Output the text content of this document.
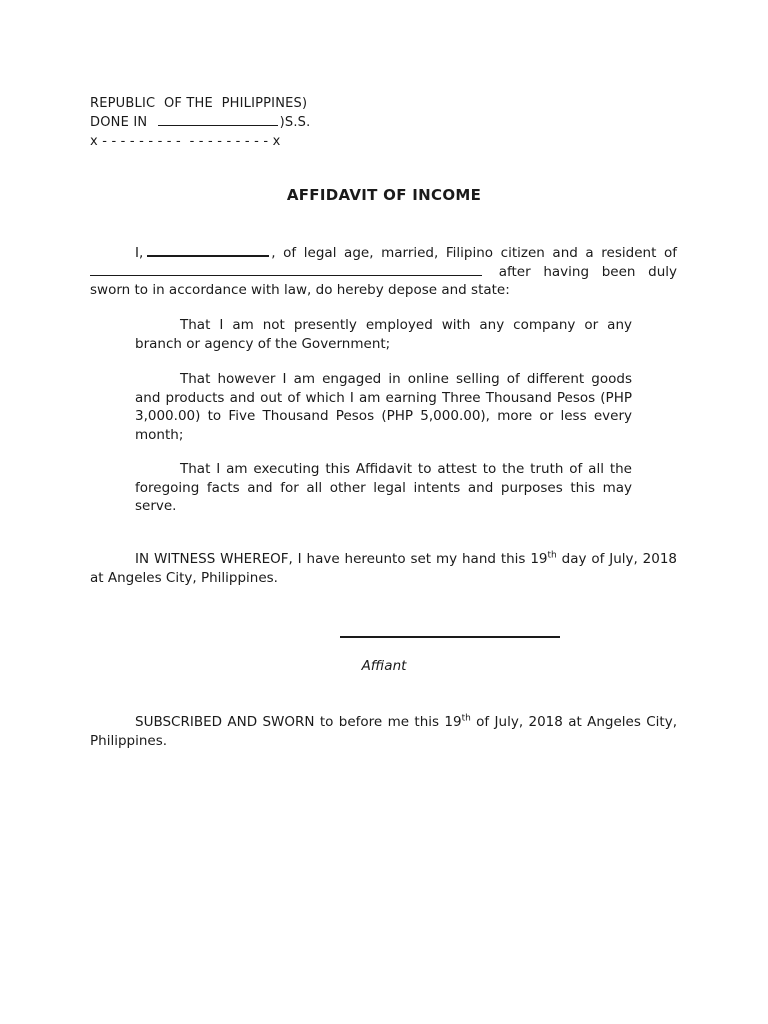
REPUBLIC  OF THE  PHILIPPINES)
DONE IN	)S.S.
x - - - - - - - - -  - - - - - - - - - x
AFFIDAVIT OF INCOME
I,	, of legal age, married, Filipino citizen and a resident of  after having been duly sworn to in accordance with law, do hereby depose and state:
That I am not presently employed with any company or any branch or agency of the Government;
That however I am engaged in online selling of different goods and products and out of which I am earning Three Thousand Pesos (PHP 3,000.00) to Five Thousand Pesos (PHP 5,000.00), more or less every month;
That I am executing this Affidavit to attest to the truth of all the foregoing facts and for all other legal intents and purposes this may serve.
IN WITNESS WHEREOF, I have hereunto set my hand this 19th day of July, 2018 at Angeles City, Philippines.
Affiant
SUBSCRIBED AND SWORN to before me this 19th of July, 2018 at Angeles City, Philippines.
